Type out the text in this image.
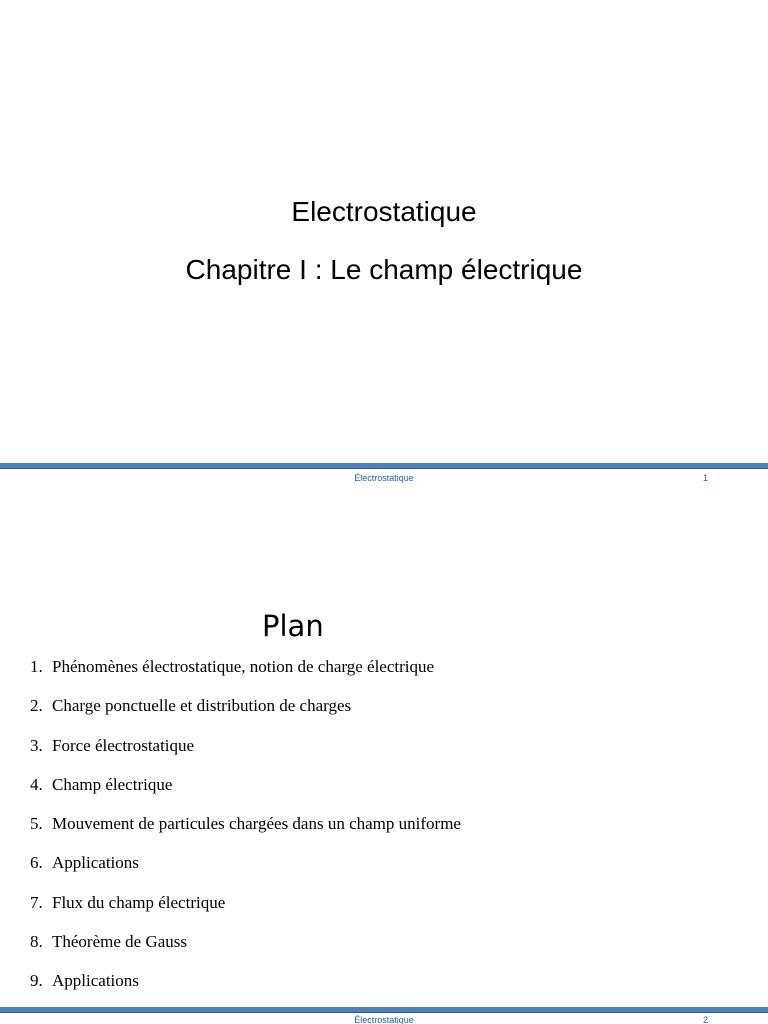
Electrostatique
Chapitre I : Le champ électrique
Électrostatique	1
Plan
1. Phénomènes électrostatique, notion de charge électrique
2. Charge ponctuelle et distribution de charges
3. Force électrostatique
4. Champ électrique
5. Mouvement de particules chargées dans un champ uniforme
6. Applications
7. Flux du champ électrique
8. Théorème de Gauss
9. Applications
Électrostatique	2
